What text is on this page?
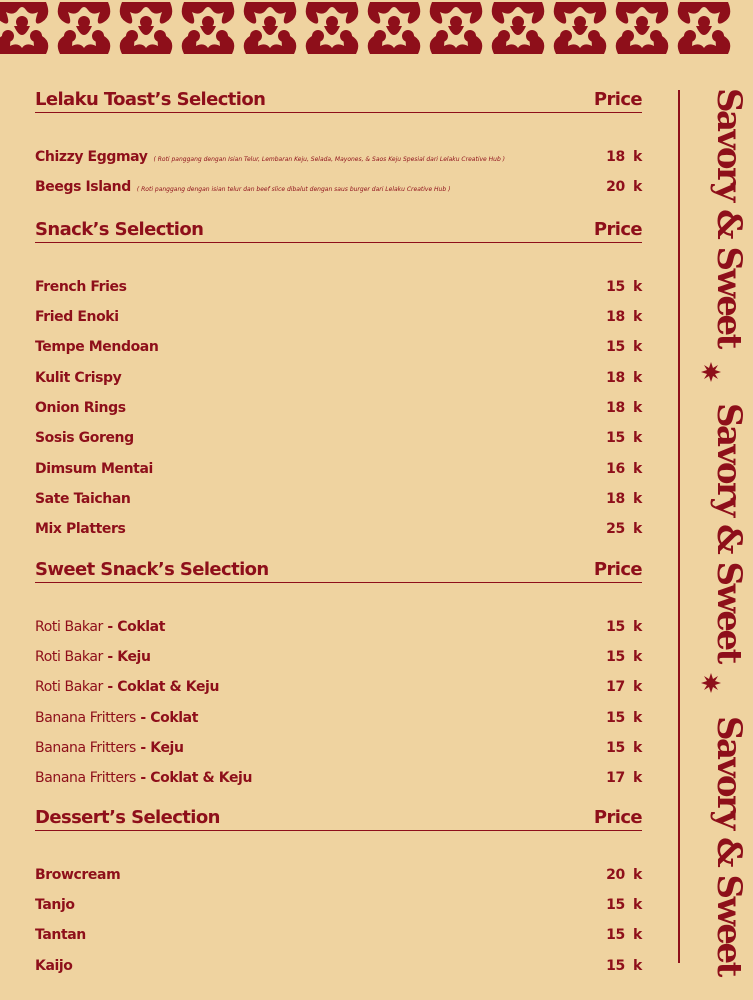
Lelaku Toast’s Selection	Price
Chizzy Eggmay ( Roti panggang dengan Isian Telur, Lembaran Keju, Selada, Mayones, & Saos Keju Spesial dari Lelaku Creative Hub )	18 k
Beegs Island ( Roti panggang dengan isian telur dan beef slice dibalut dengan saus burger dari Lelaku Creative Hub )	20 k
Snack’s Selection	Price
French Fries	15 k
Fried Enoki	18 k
Tempe Mendoan	15 k
Kulit Crispy	18 k
Onion Rings	18 k
Sosis Goreng	15 k
Dimsum Mentai	16 k
Sate Taichan	18 k
Mix Platters	25 k
Sweet Snack’s Selection	Price
Roti Bakar - Coklat	15 k
Roti Bakar - Keju	15 k
Roti Bakar - Coklat & Keju	17 k
Banana Fritters - Coklat	15 k
Banana Fritters - Keju	15 k
Banana Fritters - Coklat & Keju	17 k
Dessert’s Selection	Price
Browcream	20 k
Tanjo	15 k
Tantan	15 k
Kaijo	15 k
Savory & Sweet
Savory & Sweet
Savory & Sweet
